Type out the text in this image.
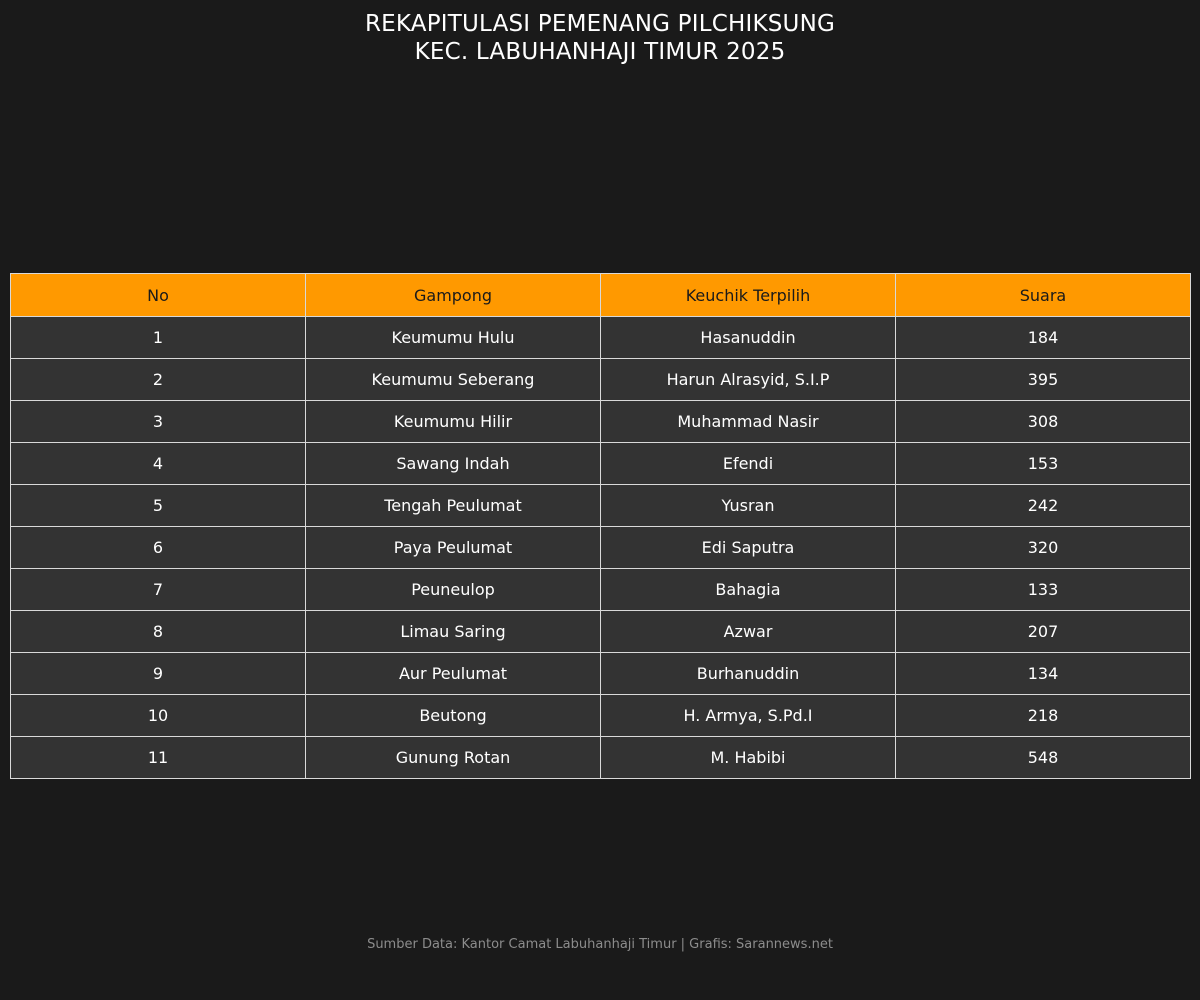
REKAPITULASI PEMENANG PILCHIKSUNG
KEC. LABUHANHAJI TIMUR 2025
No	Gampong	Keuchik Terpilih	Suara
1	Keumumu Hulu	Hasanuddin	184
2	Keumumu Seberang	Harun Alrasyid, S.I.P	395
3	Keumumu Hilir	Muhammad Nasir	308
4	Sawang Indah	Efendi	153
5	Tengah Peulumat	Yusran	242
6	Paya Peulumat	Edi Saputra	320
7	Peuneulop	Bahagia	133
8	Limau Saring	Azwar	207
9	Aur Peulumat	Burhanuddin	134
10	Beutong	H. Armya, S.Pd.I	218
11	Gunung Rotan	M. Habibi	548
Sumber Data: Kantor Camat Labuhanhaji Timur | Grafis: Sarannews.net
